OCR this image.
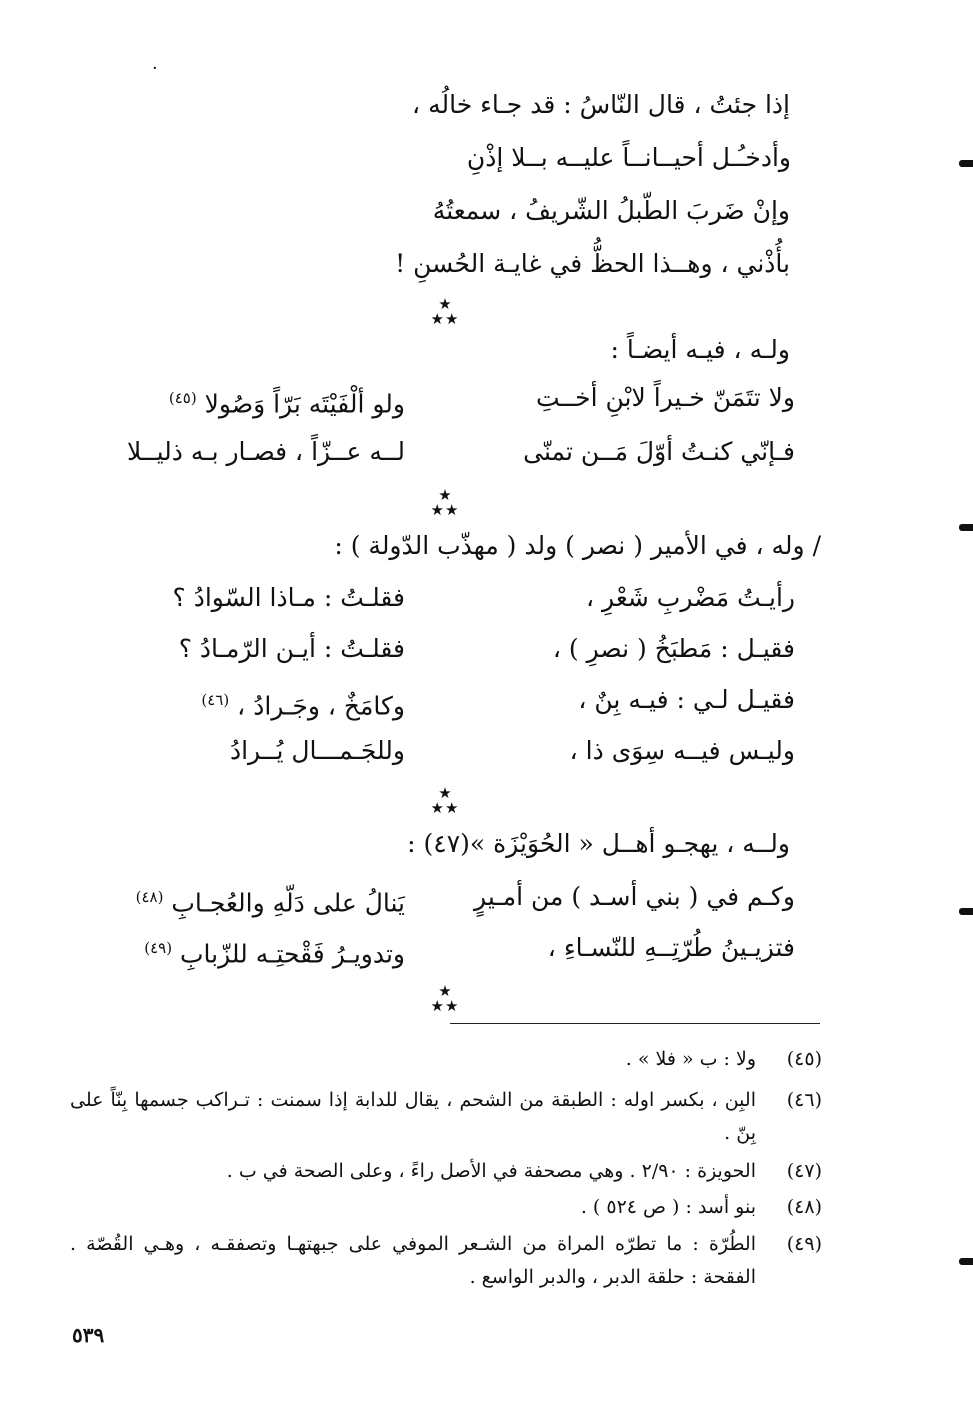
·
إذا جئتُ ، قال النّاسُ : قد جـاء خالُه ،
وأدخـُـل أحيــانــاً عليــه بــلا إذْنِ
وإنْ ضَربَ الطّبلُ الشّريفُ ، سمعتُهُ
بأُذْني ، وهــذا الحظُّ في غايـة الحُسنِ !
★
★★
ولـه ، فيـه أيضـاً :
ولا تتَمَنّ خـيراً لابْنِ أخــتِ
ولو ألْفَيْتَه بَرّاً وَصُولا $^{(٤٥)}$
فـإنّي كنـتُ أوّلَ مَــن تمنّى
لــه عــزّاً ، فصـار بـه ذليــلا
★
★★
/ وله ، في الأمير ( نصر ) ولد ( مهذّب الدّولة ) :
رأيـتُ مَضْربِ شَعْرِ ،
فقلـتُ : مـاذا السّوادُ ؟
فقيـل : مَطبَخُ ( نصرِ ) ،
فقلـتُ : أيـن الرّمـادُ ؟
فقيـل لـي : فيـه بِنٌ ،
وكامَخٌ ، وجَـرادُ ، $^{(٤٦)}$
وليـس فيــه سِوَى ذا ،
وللجَـمـــال يُــرادُ
★
★★
ولــه ، يهجـو أهــل « الحُوَيْزَة »(٤٧) :
وكـم في ( بني أسـد ) من أمـيرٍ
يَنالُ على دَلّهِ والعُجـابِ $^{(٤٨)}$
فتزيـينُ طُرّتِــهِ للنّسـاءِ ،
وتدويـرُ فَقْحتِـه للزّبابِ $^{(٤٩)}$
★
★★
(٤٥)
ولا : ب « فلا » .
(٤٦)
البِن ، بكسر اوله : الطبقة من الشحم ، يقال للدابة إذا سمنت : تـراكب جسمها بِنّاً على بِنّ .
(٤٧)
الحويزة : ٢/٩٠ . وهي مصحفة في الأصل راءً ، وعلى الصحة في ب .
(٤٨)
بنو أسد : ( ص ٥٢٤ ) .
(٤٩)
الطُرّة : ما تطرّه المراة من الشـعر الموفي على جبهتهـا وتصفقـه ، وهـي القُصّة . الفقحة : حلقة الدبر ، والدبر الواسع .
٥٣٩
